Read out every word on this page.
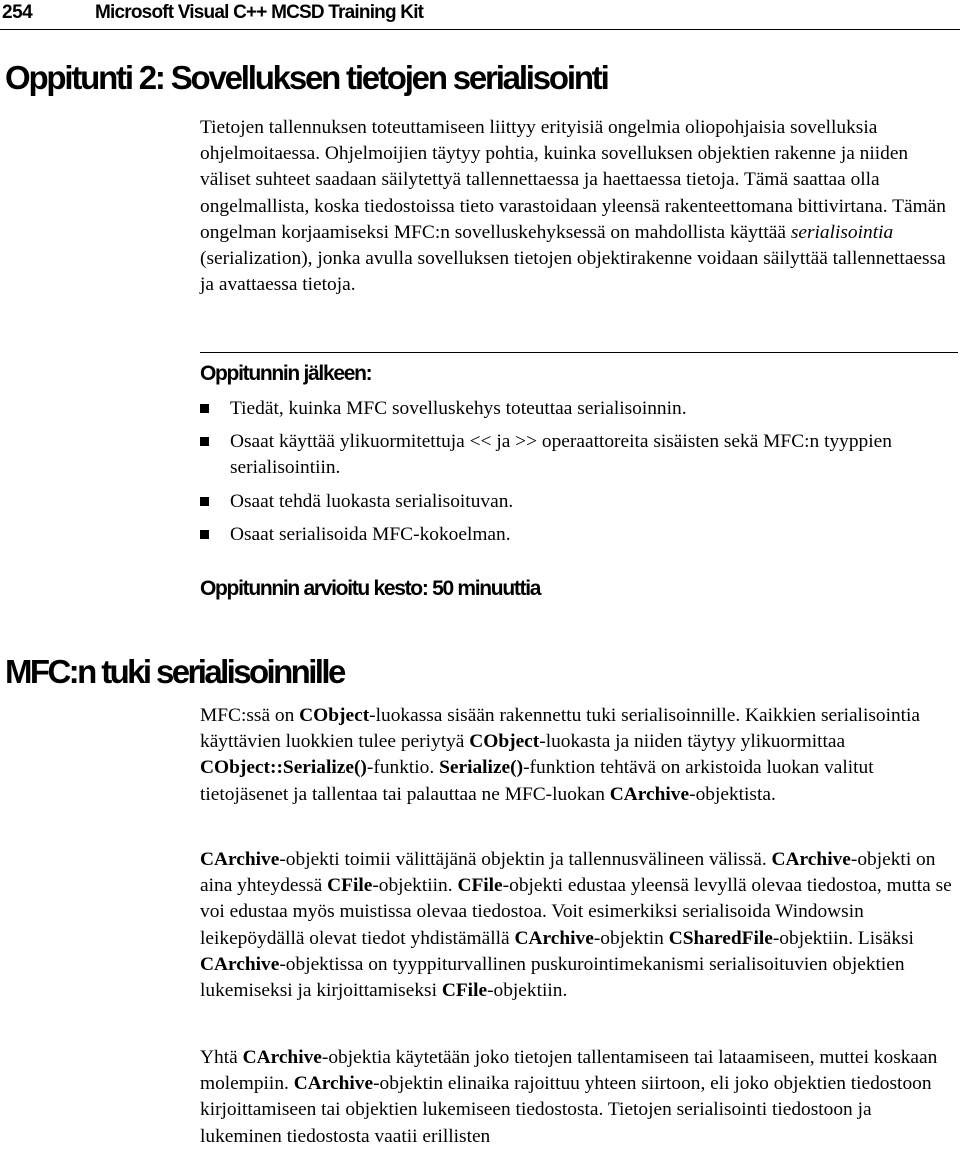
254	Microsoft Visual C++ MCSD Training Kit
Oppitunti 2: Sovelluksen tietojen serialisointi

Tietojen tallennuksen toteuttamiseen liittyy erityisiä ongelmia oliopohjaisia sovelluksia ohjelmoitaessa. Ohjelmoijien täytyy pohtia, kuinka sovelluksen objektien rakenne ja niiden väliset suhteet saadaan säilytettyä tallennettaessa ja haettaessa tietoja. Tämä saattaa olla ongelmallista, koska tiedostoissa tieto varastoidaan yleensä rakenteettomana bittivirtana. Tämän ongelman korjaamiseksi MFC:n sovelluskehyksessä on mahdollista käyttää serialisointia (serialization), jonka avulla sovelluksen tietojen objektirakenne voidaan säilyttää tallennettaessa ja avattaessa tietoja.

Oppitunnin jälkeen:
Tiedät, kuinka MFC sovelluskehys toteuttaa serialisoinnin.
Osaat käyttää ylikuormitettuja << ja >> operaattoreita sisäisten sekä MFC:n tyyppien serialisointiin.
Osaat tehdä luokasta serialisoituvan.
Osaat serialisoida MFC-kokoelman.
Oppitunnin arvioitu kesto: 50 minuuttia
MFC:n tuki serialisoinnille

MFC:ssä on CObject-luokassa sisään rakennettu tuki serialisoinnille. Kaikkien serialisointia käyttävien luokkien tulee periytyä CObject-luokasta ja niiden täytyy ylikuormittaa CObject::Serialize()-funktio. Serialize()-funktion tehtävä on arkistoida luokan valitut tietojäsenet ja tallentaa tai palauttaa ne MFC-luokan CArchive-objektista.

CArchive-objekti toimii välittäjänä objektin ja tallennusvälineen välissä. CArchive-objekti on aina yhteydessä CFile-objektiin. CFile-objekti edustaa yleensä levyllä olevaa tiedostoa, mutta se voi edustaa myös muistissa olevaa tiedostoa. Voit esimerkiksi serialisoida Windowsin leikepöydällä olevat tiedot yhdistämällä CArchive-objektin CSharedFile-objektiin. Lisäksi CArchive-objektissa on tyyppiturvallinen puskurointimekanismi serialisoituvien objektien lukemiseksi ja kirjoittamiseksi CFile-objektiin.

Yhtä CArchive-objektia käytetään joko tietojen tallentamiseen tai lataamiseen, muttei koskaan molempiin. CArchive-objektin elinaika rajoittuu yhteen siirtoon, eli joko objektien tiedostoon kirjoittamiseen tai objektien lukemiseen tiedostosta. Tietojen serialisointi tiedostoon ja lukeminen tiedostosta vaatii erillisten
